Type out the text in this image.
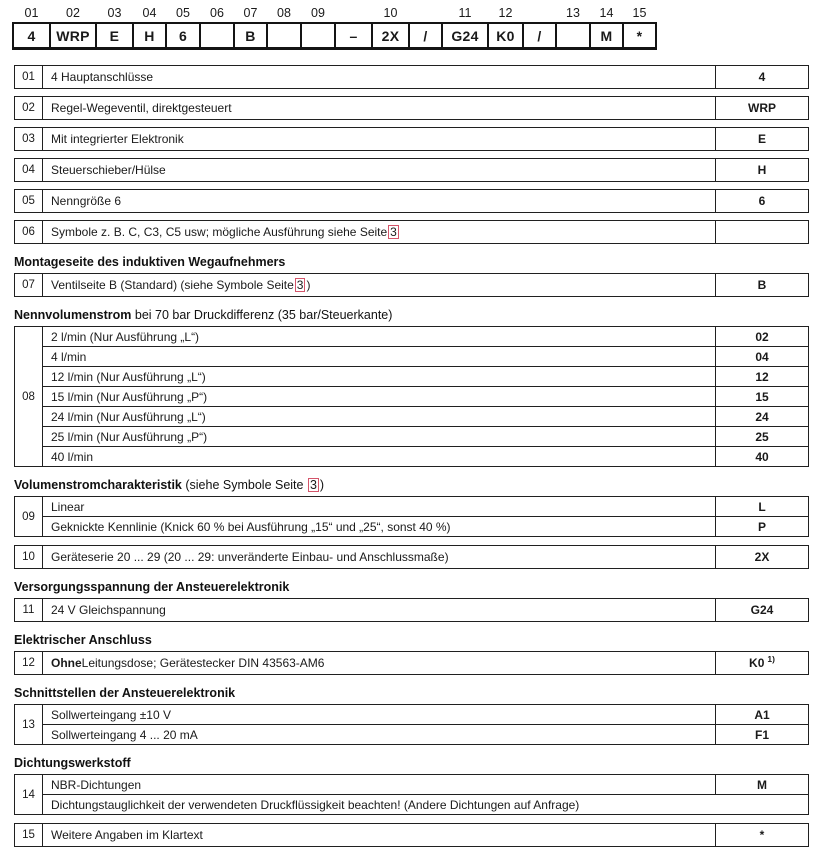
01	02	03	04	05	06	07	08	09		10		11	12		13	14	15
4	WRP	E	H	6		B			–	2X	/	G24	K0	/		M	*
01	4 Hauptanschlüsse	4
02	Regel-Wegeventil, direktgesteuert	WRP
03	Mit integrierter Elektronik	E
04	Steuerschieber/Hülse	H
05	Nenngröße 6	6
06	Symbole z. B. C, C3, C5 usw; mögliche Ausführung siehe Seite 3
Montageseite des induktiven Wegaufnehmers
07	Ventilseite B (Standard) (siehe Symbole Seite 3 )	B
Nennvolumenstrom bei 70 bar Druckdifferenz (35 bar/Steuerkante)
08
2 l/min (Nur Ausführung „L“)	02
4 l/min	04
12 l/min (Nur Ausführung „L“)	12
15 l/min (Nur Ausführung „P“)	15
24 l/min (Nur Ausführung „L“)	24
25 l/min (Nur Ausführung „P“)	25
40 l/min	40
Volumenstromcharakteristik (siehe Symbole Seite 3 )
09
Linear	L
Geknickte Kennlinie (Knick 60 % bei Ausführung „15“ und „25“, sonst 40 %)	P
10	Geräteserie 20 ... 29 (20 ... 29: unveränderte Einbau- und Anschlussmaße)	2X
Versorgungsspannung der Ansteuerelektronik
11	24 V Gleichspannung	G24
Elektrischer Anschluss
12	Ohne Leitungsdose; Gerätestecker DIN 43563-AM6	K0 1)
Schnittstellen der Ansteuerelektronik
13
Sollwerteingang ±10 V	A1
Sollwerteingang 4 ... 20 mA	F1
Dichtungswerkstoff
14
NBR-Dichtungen	M
Dichtungstauglichkeit der verwendeten Druckflüssigkeit beachten! (Andere Dichtungen auf Anfrage)
15	Weitere Angaben im Klartext	*
